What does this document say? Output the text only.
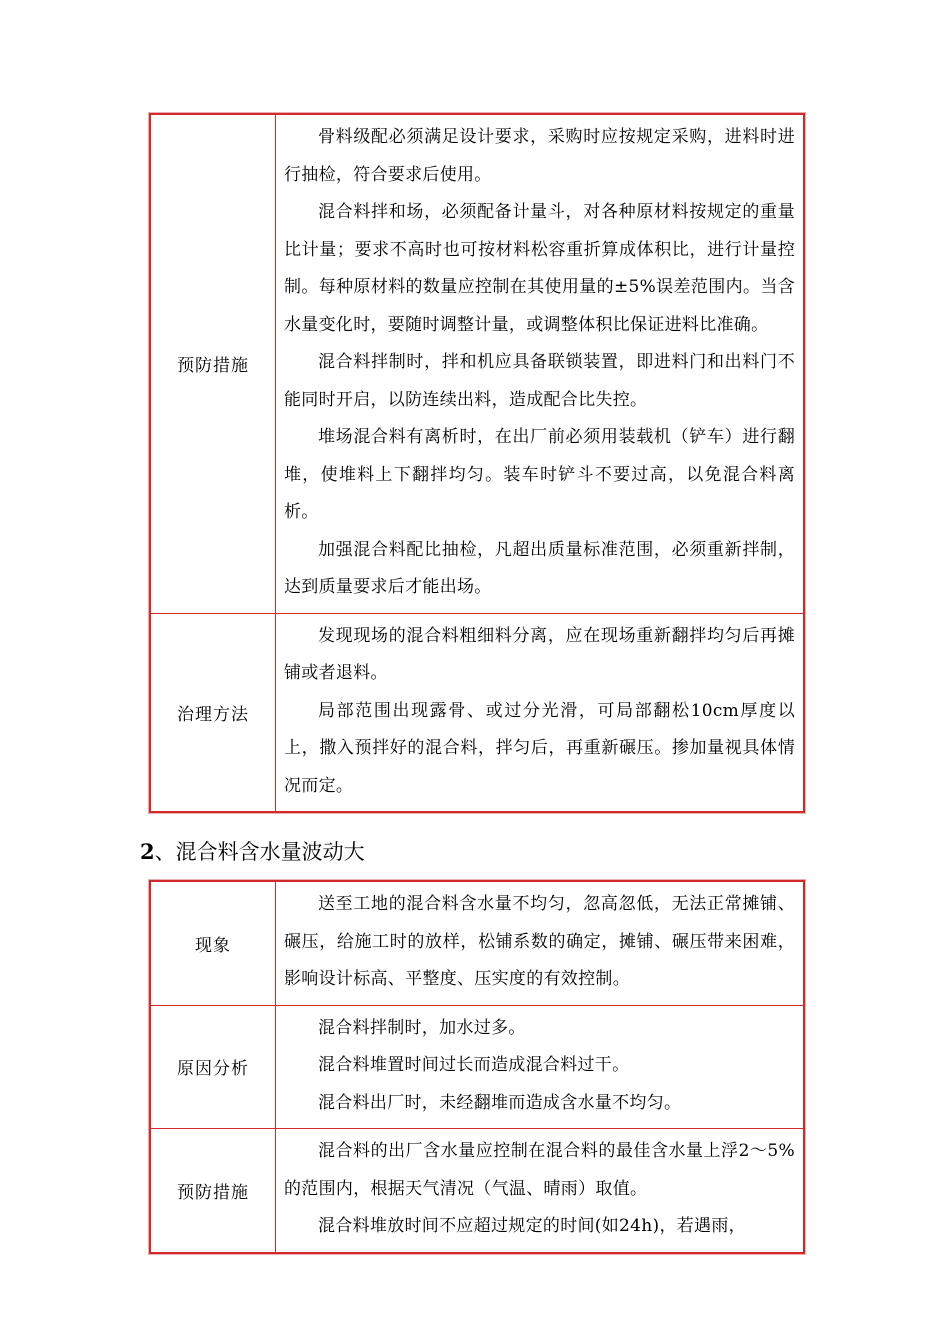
预防措施	骨料级配必须满足设计要求，采购时应按规定采购，进料时进行抽检，符合要求后使用。

混合料拌和场，必须配备计量斗，对各种原材料按规定的重量比计量；要求不高时也可按材料松容重折算成体积比，进行计量控制。每种原材料的数量应控制在其使用量的±5%误差范围内。当含水量变化时，要随时调整计量，或调整体积比保证进料比准确。

混合料拌制时，拌和机应具备联锁装置，即进料门和出料门不能同时开启，以防连续出料，造成配合比失控。

堆场混合料有离析时，在出厂前必须用装载机（铲车）进行翻堆，使堆料上下翻拌均匀。装车时铲斗不要过高，以免混合料离析。

加强混合料配比抽检，凡超出质量标准范围，必须重新拌制，达到质量要求后才能出场。

治理方法	发现现场的混合料粗细料分离，应在现场重新翻拌均匀后再摊铺或者退料。

局部范围出现露骨、或过分光滑，可局部翻松10cm厚度以上，撒入预拌好的混合料，拌匀后，再重新碾压。掺加量视具体情况而定。

2、混合料含水量波动大
现象	送至工地的混合料含水量不均匀，忽高忽低，无法正常摊铺、碾压，给施工时的放样，松铺系数的确定，摊铺、碾压带来困难，影响设计标高、平整度、压实度的有效控制。

原因分析	混合料拌制时，加水过多。

混合料堆置时间过长而造成混合料过干。

混合料出厂时，未经翻堆而造成含水量不均匀。

预防措施	混合料的出厂含水量应控制在混合料的最佳含水量上浮2～5%的范围内，根据天气清况（气温、晴雨）取值。

混合料堆放时间不应超过规定的时间(如24h)，若遇雨，
